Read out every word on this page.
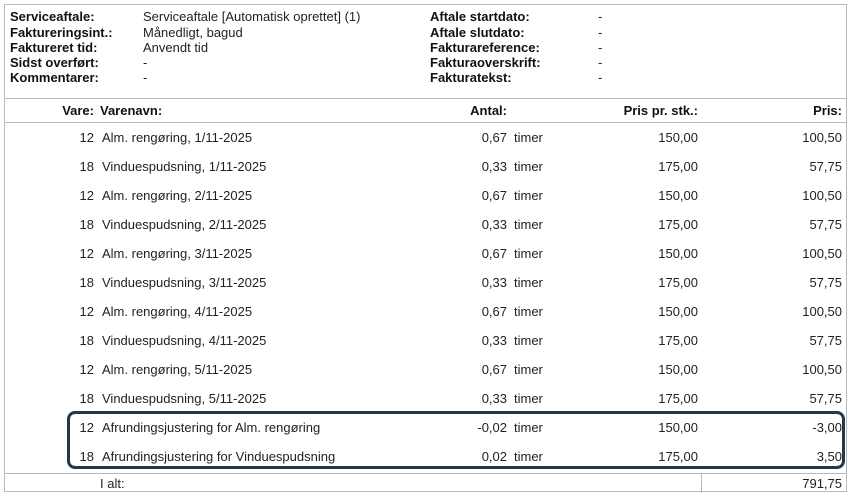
Serviceaftale:	Serviceaftale [Automatisk oprettet] (1)
Faktureringsint.: Månedligt, bagud
Faktureret tid:	Anvendt tid
Sidst overført:	-
Kommentarer:	-
Aftale startdato:	-
Aftale slutdato:	-
Fakturareference:	-
Fakturaoverskrift:	-
Fakturatekst:	-
Vare: Varenavn:	Antal:	Pris pr. stk.:	Pris:
12 Alm. rengøring, 1/11-2025	0,67 timer	150,00	100,50
18 Vinduespudsning, 1/11-2025	0,33 timer	175,00	57,75
12 Alm. rengøring, 2/11-2025	0,67 timer	150,00	100,50
18 Vinduespudsning, 2/11-2025	0,33 timer	175,00	57,75
12 Alm. rengøring, 3/11-2025	0,67 timer	150,00	100,50
18 Vinduespudsning, 3/11-2025	0,33 timer	175,00	57,75
12 Alm. rengøring, 4/11-2025	0,67 timer	150,00	100,50
18 Vinduespudsning, 4/11-2025	0,33 timer	175,00	57,75
12 Alm. rengøring, 5/11-2025	0,67 timer	150,00	100,50
18 Vinduespudsning, 5/11-2025	0,33 timer	175,00	57,75
12 Afrundingsjustering for Alm. rengøring	-0,02 timer	150,00	-3,00
18 Afrundingsjustering for Vinduespudsning	0,02 timer	175,00	3,50
I alt:	791,75
